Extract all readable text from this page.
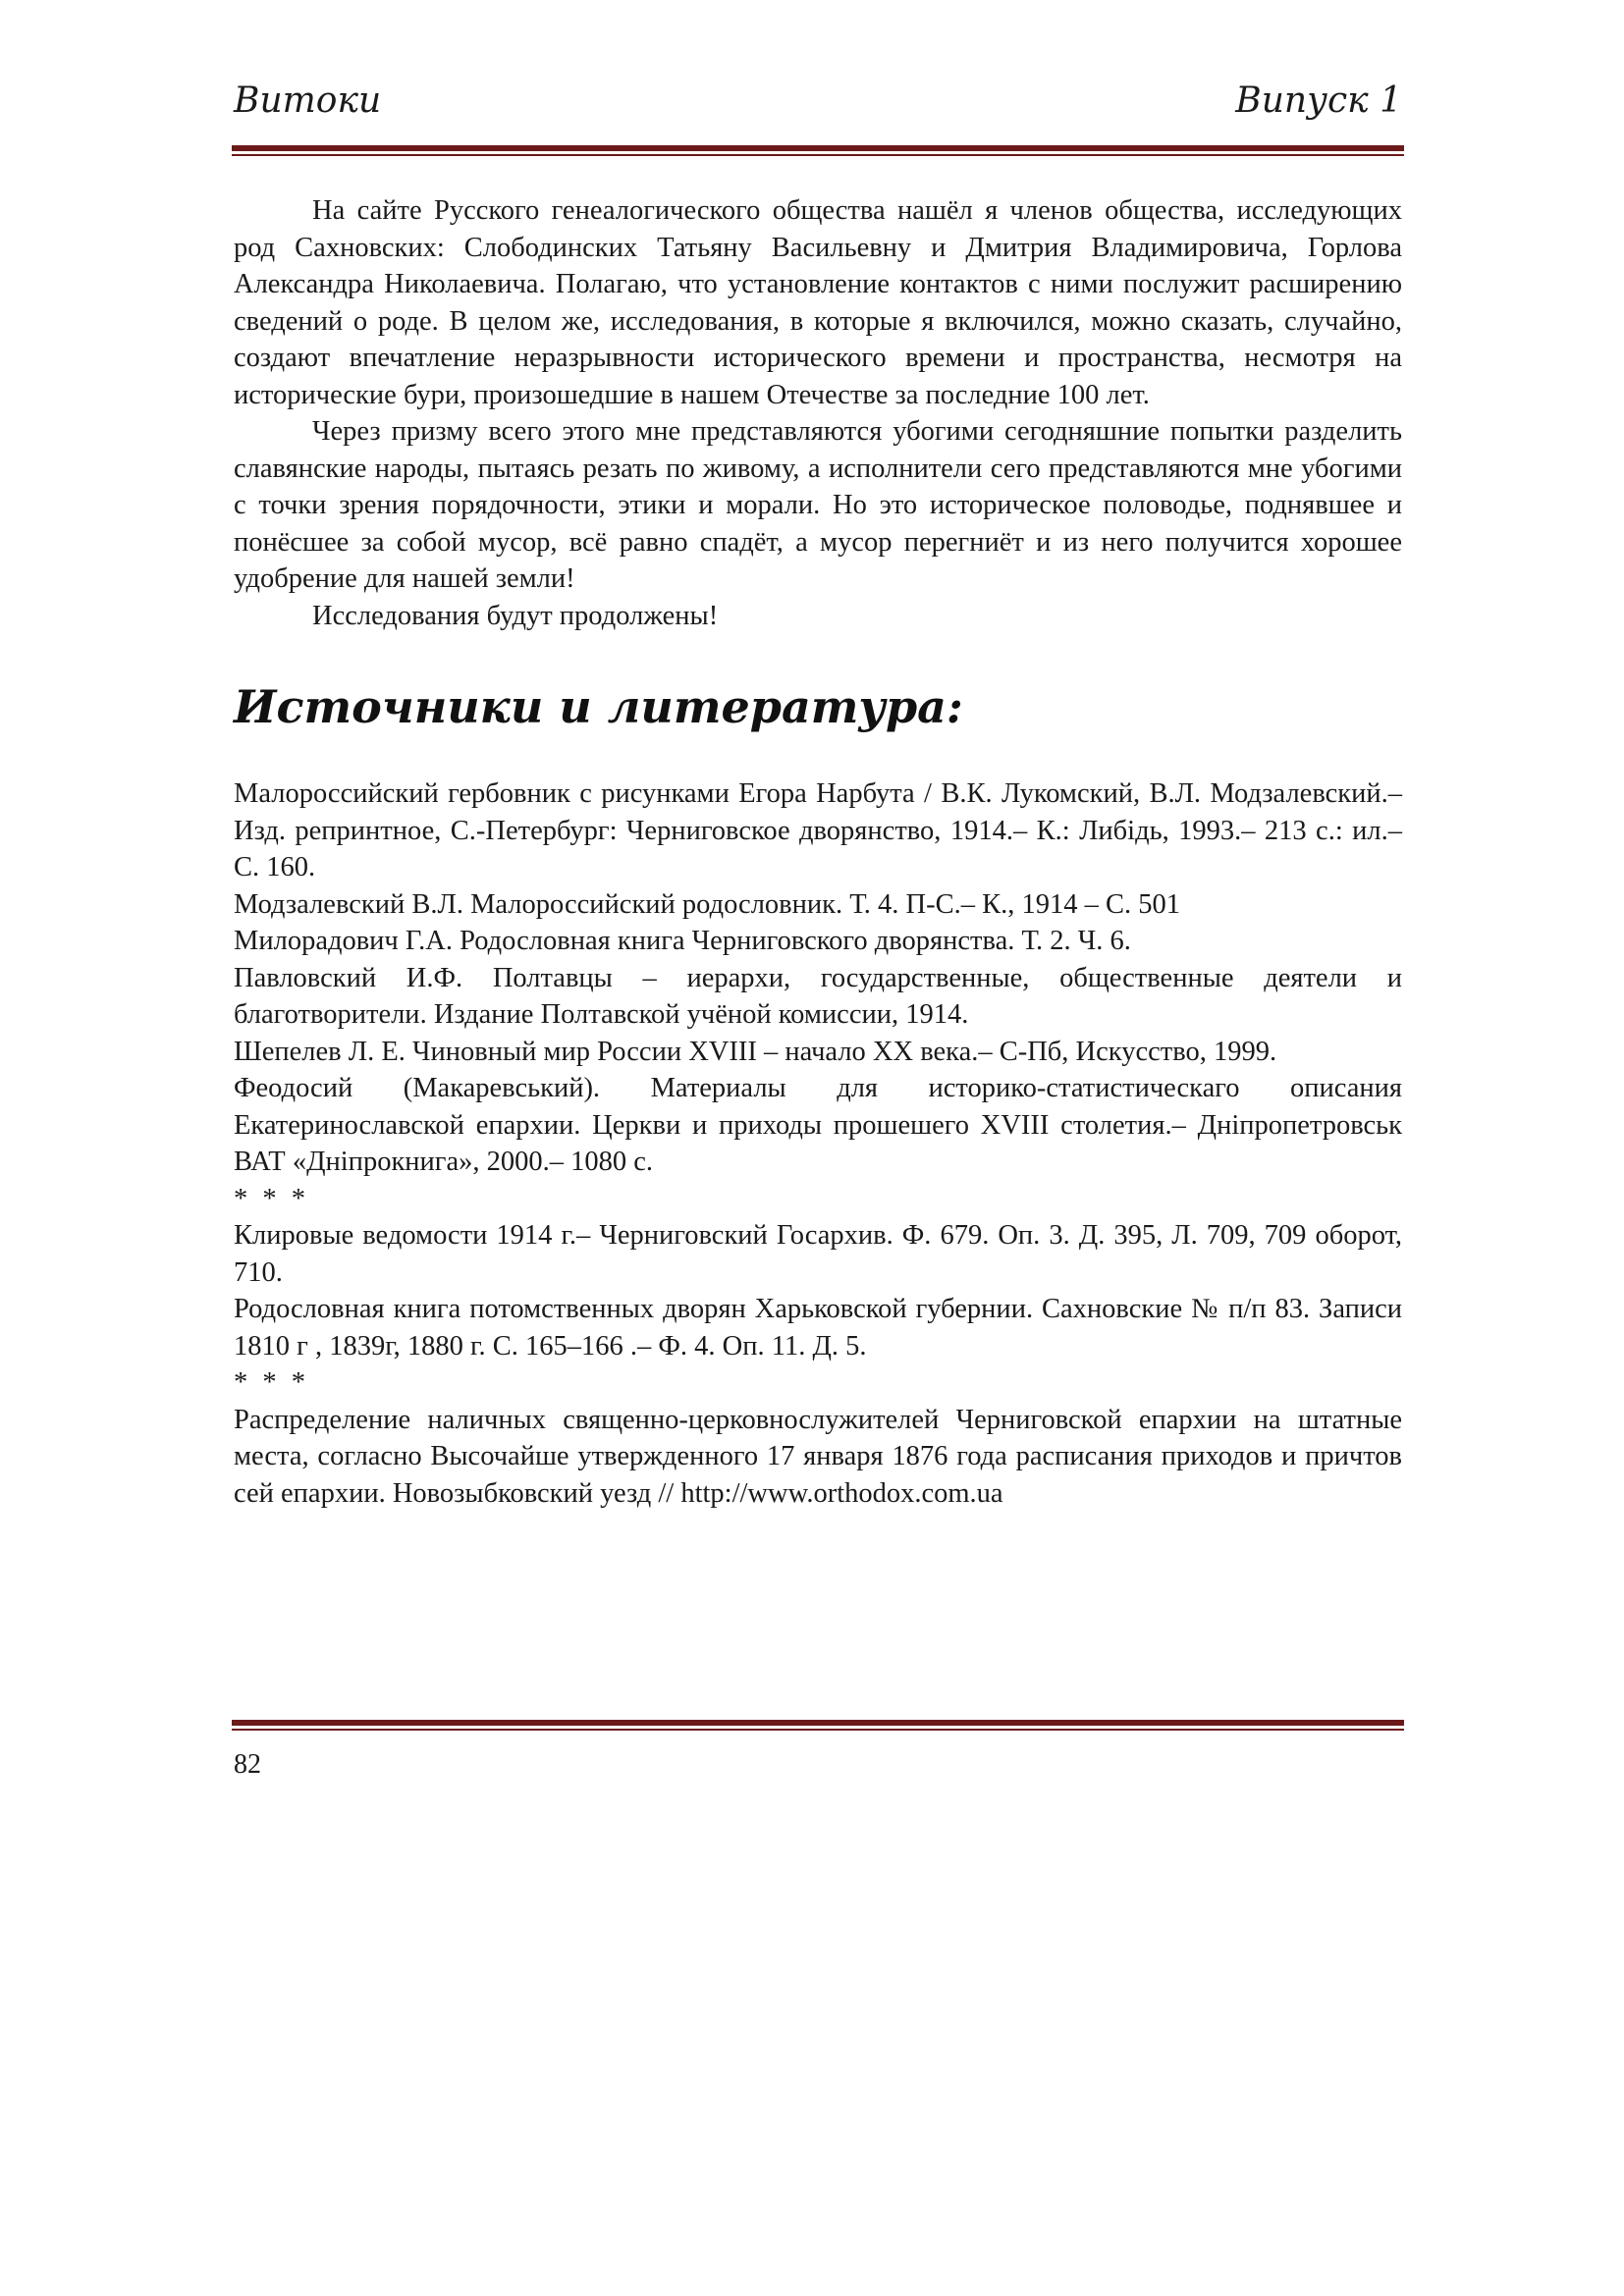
Витоки	Випуск 1

На сайте Русского генеалогического общества нашёл я членов общества, исследующих род Сахновских: Слободинских Татьяну Васильевну и Дмитрия Владимировича, Горлова Александра Николаевича. Полагаю, что установление контактов с ними послужит расширению сведений о роде. В целом же, исследования, в которые я включился, можно сказать, случайно, создают впечатление неразрывности исторического времени и пространства, несмотря на исторические бури, произошедшие в нашем Отечестве за последние 100 лет.

Через призму всего этого мне представляются убогими сегодняшние попытки разделить славянские народы, пытаясь резать по живому, а исполнители сего представляются мне убогими с точки зрения порядочности, этики и морали. Но это историческое половодье, поднявшее и понёсшее за собой мусор, всё равно спадёт, а мусор перегниёт и из него получится хорошее удобрение для нашей земли!

Исследования будут продолжены!

Источники и литература:

Малороссийский гербовник с рисунками Егора Нарбута / В.К. Лукомский, В.Л. Модзалевский.– Изд. репринтное, С.-Петербург: Черниговское дворянство, 1914.– К.: Либідь, 1993.– 213 с.: ил.– С. 160.

Модзалевский В.Л. Малороссийский родословник. Т. 4. П-С.– К., 1914 – С. 501

Милорадович Г.А. Родословная книга Черниговского дворянства. Т. 2. Ч. 6.

Павловский И.Ф. Полтавцы – иерархи, государственные, общественные деятели и благотворители. Издание Полтавской учёной комиссии, 1914.

Шепелев Л. Е. Чиновный мир России XVIII – начало XX века.– С-Пб, Искусство, 1999.

Феодосий (Макаревський). Материалы для историко-статистическаго описания Екатеринославской епархии. Церкви и приходы прошешего XVIII столетия.– Дніпропетровськ ВАТ «Дніпрокнига», 2000.– 1080 с.

* * *

Клировые ведомости 1914 г.– Черниговский Госархив. Ф. 679. Оп. 3. Д. 395, Л. 709, 709 оборот, 710.

Родословная книга потомственных дворян Харьковской губернии. Сахновские № п/п 83. Записи 1810 г , 1839г, 1880 г. С. 165–166 .– Ф. 4. Оп. 11. Д. 5.

* * *

Распределение наличных священно-церковнослужителей Черниговской епархии на штатные места, согласно Высочайше утвержденного 17 января 1876 года расписания приходов и причтов сей епархии. Новозыбковский уезд // http://www.orthodox.com.ua

82
